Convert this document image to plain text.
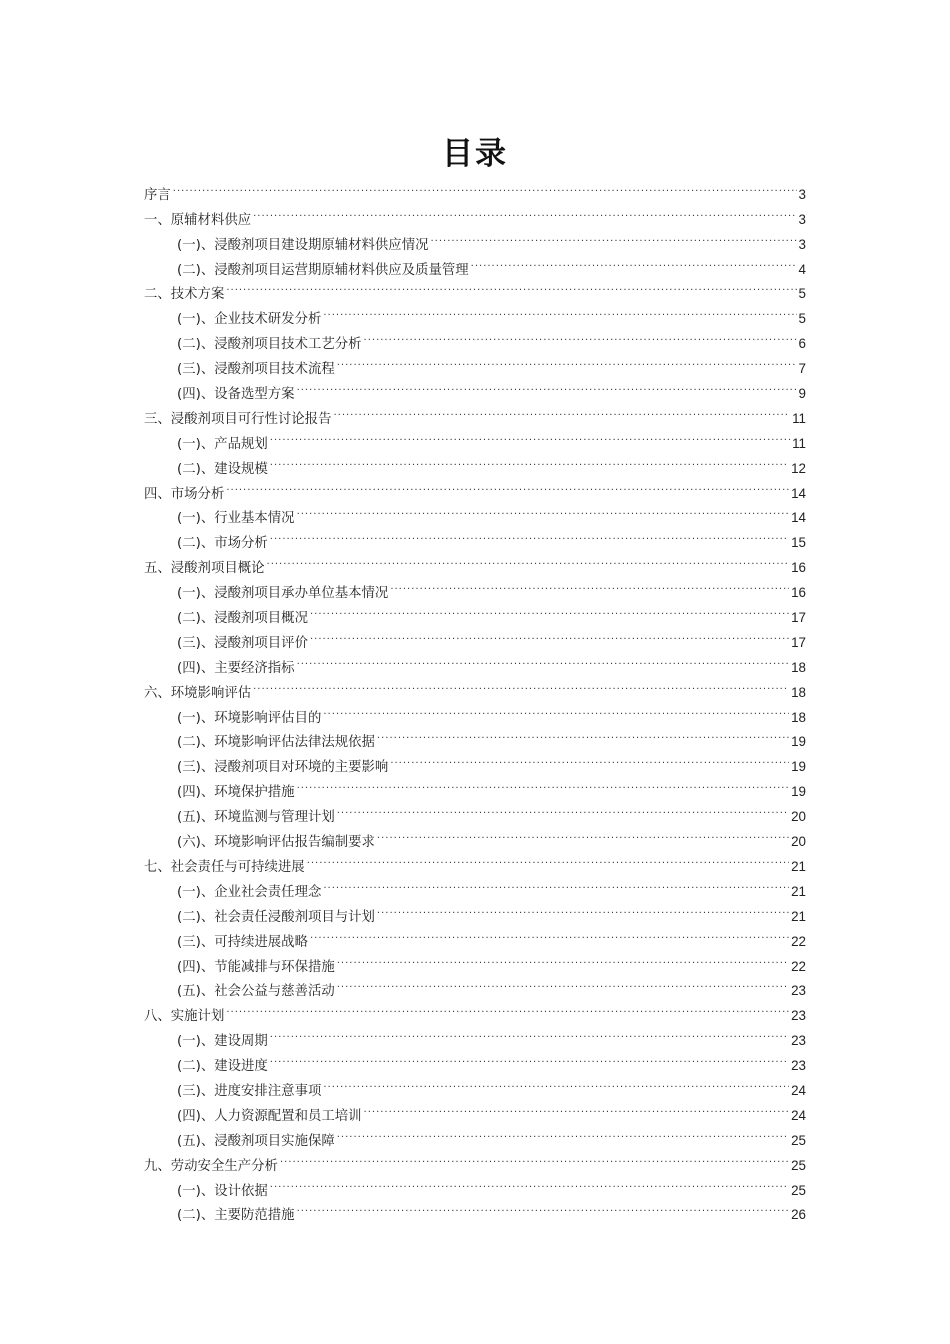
目录
序言 .....	3
一、原辅材料供应 .....	3
(一)、浸酸剂项目建设期原辅材料供应情况 .....	3
(二)、浸酸剂项目运营期原辅材料供应及质量管理 .....	4
二、技术方案 .....	5
(一)、企业技术研发分析 .....	5
(二)、浸酸剂项目技术工艺分析 .....	6
(三)、浸酸剂项目技术流程 .....	7
(四)、设备选型方案 .....	9
三、浸酸剂项目可行性讨论报告 .....	11
(一)、产品规划 .....	11
(二)、建设规模 .....	12
四、市场分析 .....	14
(一)、行业基本情况 .....	14
(二)、市场分析 .....	15
五、浸酸剂项目概论 .....	16
(一)、浸酸剂项目承办单位基本情况 .....	16
(二)、浸酸剂项目概况 .....	17
(三)、浸酸剂项目评价 .....	17
(四)、主要经济指标 .....	18
六、环境影响评估 .....	18
(一)、环境影响评估目的 .....	18
(二)、环境影响评估法律法规依据 .....	19
(三)、浸酸剂项目对环境的主要影响 .....	19
(四)、环境保护措施 .....	19
(五)、环境监测与管理计划 .....	20
(六)、环境影响评估报告编制要求 .....	20
七、社会责任与可持续进展 .....	21
(一)、企业社会责任理念 .....	21
(二)、社会责任浸酸剂项目与计划 .....	21
(三)、可持续进展战略 .....	22
(四)、节能减排与环保措施 .....	22
(五)、社会公益与慈善活动 .....	23
八、实施计划 .....	23
(一)、建设周期 .....	23
(二)、建设进度 .....	23
(三)、进度安排注意事项 .....	24
(四)、人力资源配置和员工培训 .....	24
(五)、浸酸剂项目实施保障 .....	25
九、劳动安全生产分析 .....	25
(一)、设计依据 .....	25
(二)、主要防范措施 .....	26
